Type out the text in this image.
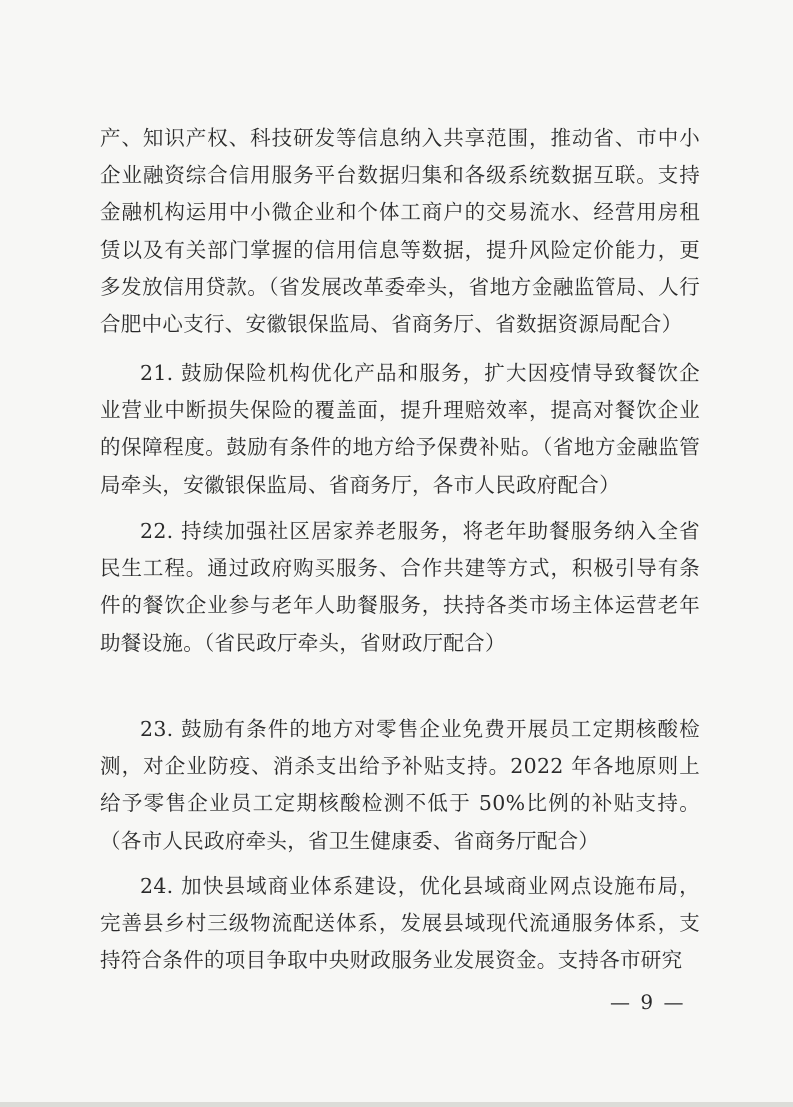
产、知识产权、科技研发等信息纳入共享范围，推动省、市中小企业融资综合信用服务平台数据归集和各级系统数据互联。支持金融机构运用中小微企业和个体工商户的交易流水、经营用房租赁以及有关部门掌握的信用信息等数据，提升风险定价能力，更多发放信用贷款。（省发展改革委牵头，省地方金融监管局、人行合肥中心支行、安徽银保监局、省商务厅、省数据资源局配合）

21. 鼓励保险机构优化产品和服务，扩大因疫情导致餐饮企业营业中断损失保险的覆盖面，提升理赔效率，提高对餐饮企业的保障程度。鼓励有条件的地方给予保费补贴。（省地方金融监管局牵头，安徽银保监局、省商务厅，各市人民政府配合）

22. 持续加强社区居家养老服务，将老年助餐服务纳入全省民生工程。通过政府购买服务、合作共建等方式，积极引导有条件的餐饮企业参与老年人助餐服务，扶持各类市场主体运营老年助餐设施。（省民政厅牵头，省财政厅配合）

23. 鼓励有条件的地方对零售企业免费开展员工定期核酸检测，对企业防疫、消杀支出给予补贴支持。2022 年各地原则上给予零售企业员工定期核酸检测不低于 50%比例的补贴支持。（各市人民政府牵头，省卫生健康委、省商务厅配合）

24. 加快县域商业体系建设，优化县域商业网点设施布局，完善县乡村三级物流配送体系，发展县域现代流通服务体系，支持符合条件的项目争取中央财政服务业发展资金。支持各市研究

— 9 —
